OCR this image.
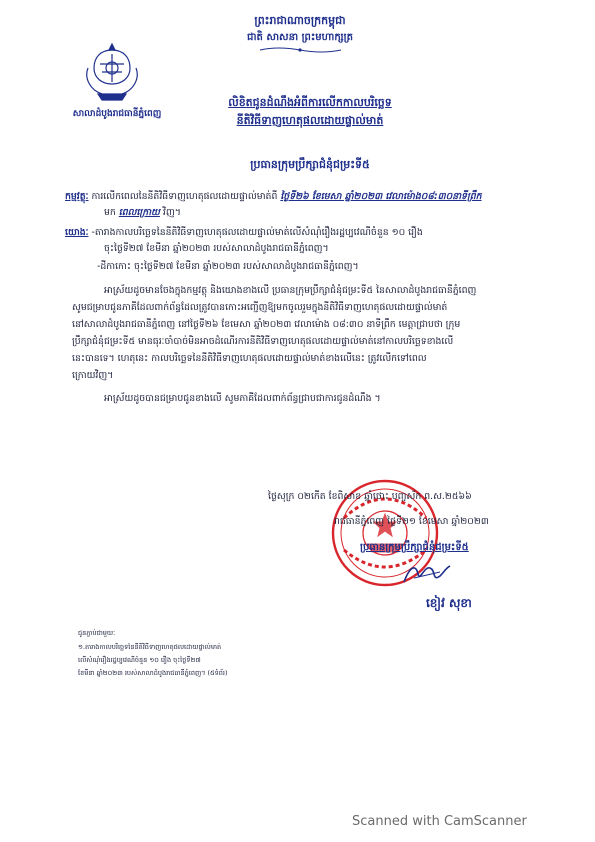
ព្រះរាជាណាចក្រកម្ពុជា
ជាតិ សាសនា ព្រះមហាក្សត្រ
សាលាដំបូងរាជធានីភ្នំពេញ
លិខិតជូនដំណឹងអំពីការលើកកាលបរិច្ឆេទ
នីតិវិធីទាញហេតុផលដោយផ្ទាល់មាត់
ប្រធានក្រុមប្រឹក្សាជំនុំជម្រះទី៥
កម្មវត្ថុៈ ការលើកពេលនៃនីតិវិធីទាញហេតុផលដោយផ្ទាល់មាត់ពី ថ្ងៃទី២៦ ខែមេសា ឆ្នាំ២០២៣ វេលាម៉ោង០៨:៣០នាទីព្រឹក
មក ពេលក្រោយ វិញ។
យោងៈ -តារាងកាលបរិច្ឆេទនៃនីតិវិធីទាញហេតុផលដោយផ្ទាល់មាត់លើសំណុំរឿងរដ្ឋប្បវេណីចំនួន ១០ រឿង
ចុះថ្ងៃទី២៧ ខែមីនា ឆ្នាំ២០២៣ របស់សាលាដំបូងរាជធានីភ្នំពេញ។
-ដីកាកោះ ចុះថ្ងៃទី២៧ ខែមីនា ឆ្នាំ២០២៣ របស់សាលាដំបូងរាជធានីភ្នំពេញ។
អាស្រ័យដូចមានចែងក្នុងកម្មវត្ថុ និងយោងខាងលើ ប្រធានក្រុមប្រឹក្សាជំនុំជម្រះទី៥ នៃសាលាដំបូងរាជធានីភ្នំពេញ
សូមជម្រាបជូនភាគីដែលពាក់ព័ន្ធដែលត្រូវបានកោះអញ្ជើញឱ្យមកចូលរួមក្នុងនីតិវិធីទាញហេតុផលដោយផ្ទាល់មាត់
នៅសាលាដំបូងរាជធានីភ្នំពេញ នៅថ្ងៃទី២៦ ខែមេសា ឆ្នាំ២០២៣ វេលាម៉ោង ០៨:៣០ នាទីព្រឹក មេត្តាជ្រាបថា ក្រុម
ប្រឹក្សាជំនុំជម្រះទី៥ មានធុរៈចាំបាច់មិនអាចដំណើរការនីតិវិធីទាញហេតុផលដោយផ្ទាល់មាត់នៅកាលបរិច្ឆេទខាងលើ
នេះបានទេ។ ហេតុនេះ កាលបរិច្ឆេទនៃនីតិវិធីទាញហេតុផលដោយផ្ទាល់មាត់ខាងលើនេះ ត្រូវលើកទៅពេល
ក្រោយវិញ។
អាស្រ័យដូចបានជម្រាបជូនខាងលើ សូមភាគីដែលពាក់ព័ន្ធជ្រាបជាការជូនដំណឹង ។
ថ្ងៃសុក្រ ០២កើត ខែពិសាខ ឆ្នាំថោះ បញ្ចស័ក ព.ស.២៥៦៦
រាជធានីភ្នំពេញ ថ្ងៃទី២១ ខែមេសា ឆ្នាំ២០២៣
ប្រធានក្រុមប្រឹក្សាជំនុំជម្រះទី៥
ខៀវ សុខា
ជូនភ្ជាប់ជាមួយៈ
១.តារាងកាលបរិច្ឆេទនៃនីតិវិធីទាញហេតុផលដោយផ្ទាល់មាត់
លើសំណុំរឿងរដ្ឋប្បវេណីចំនួន ១០ រឿង ចុះថ្ងៃទី២៧
ខែមីនា ឆ្នាំ២០២៣ របស់សាលាដំបូងរាជធានីភ្នំពេញ។ (៥ទំព័រ)
Scanned with CamScanner
